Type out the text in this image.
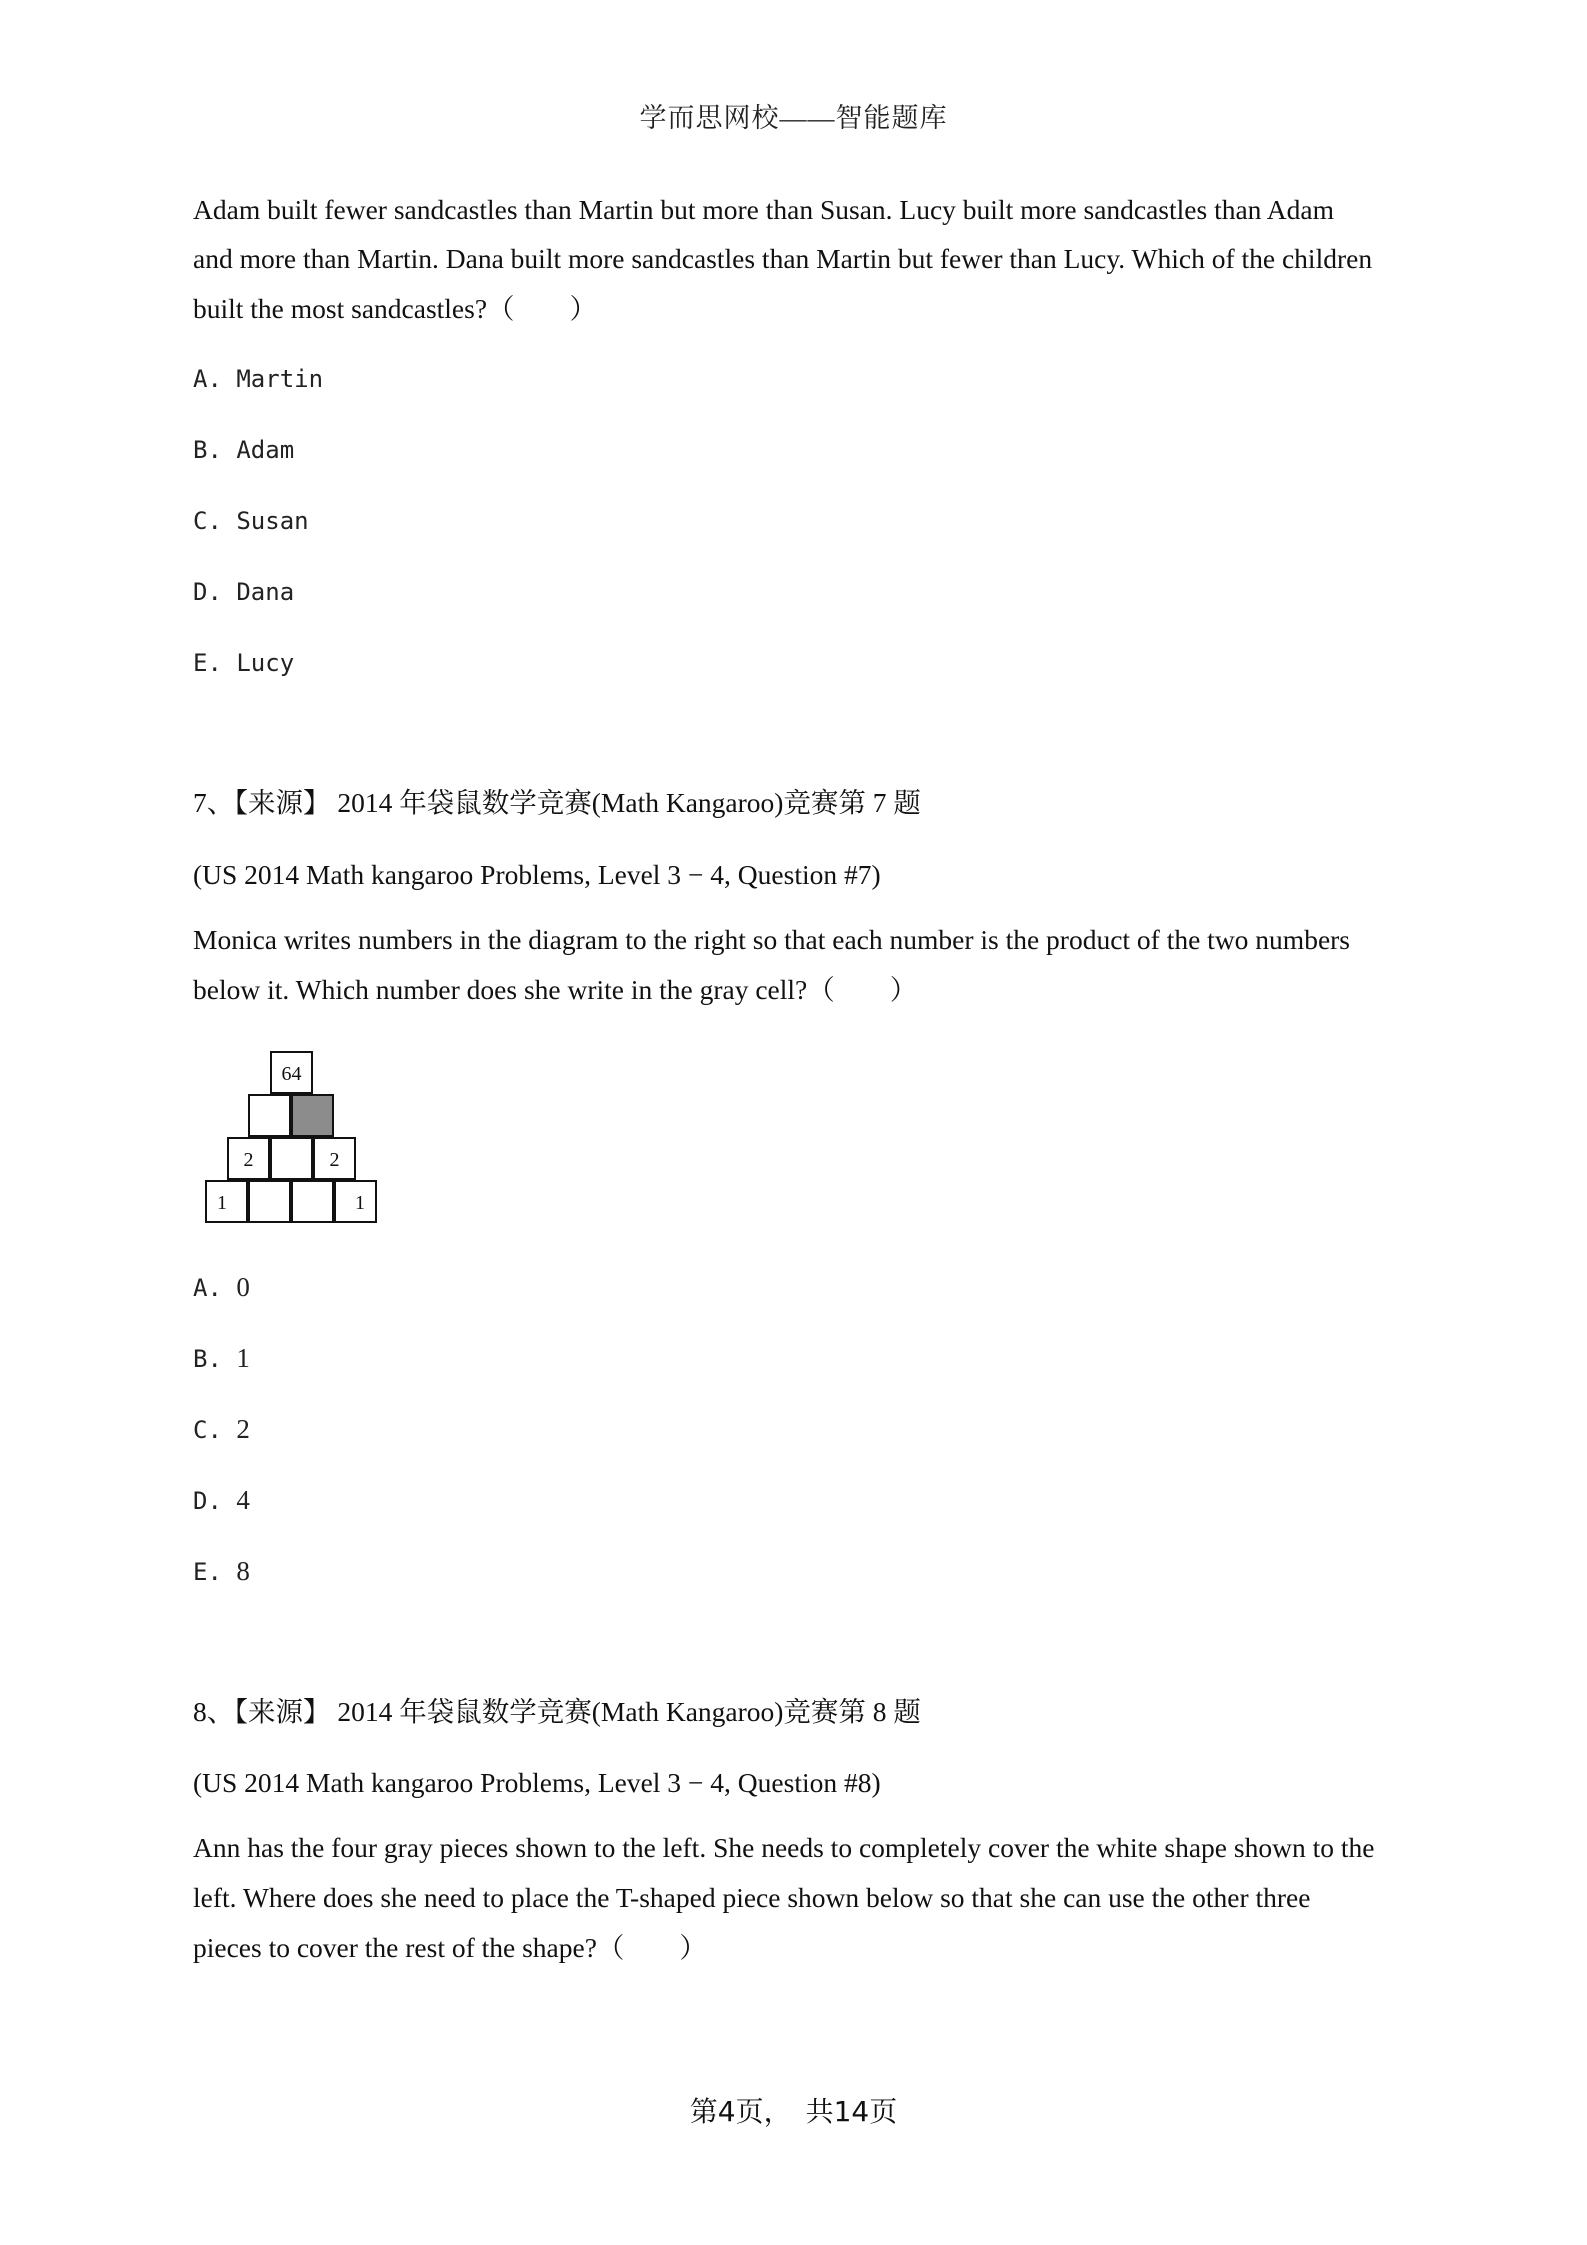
学而思网校——智能题库
Adam built fewer sandcastles than Martin but more than Susan. Lucy built more sandcastles than Adam
and more than Martin. Dana built more sandcastles than Martin but fewer than Lucy. Which of the children
built the most sandcastles?（　　）
A. Martin
B. Adam
C. Susan
D. Dana
E. Lucy
7、【来源】 2014 年袋鼠数学竞赛(Math Kangaroo)竞赛第 7 题
(US 2014 Math kangaroo Problems, Level 3 − 4, Question #7)
Monica writes numbers in the diagram to the right so that each number is the product of the two numbers
below it. Which number does she write in the gray cell?（　　）
64
2	2
1	1
A. 0
B. 1
C. 2
D. 4
E. 8
8、【来源】 2014 年袋鼠数学竞赛(Math Kangaroo)竞赛第 8 题
(US 2014 Math kangaroo Problems, Level 3 − 4, Question #8)
Ann has the four gray pieces shown to the left. She needs to completely cover the white shape shown to the
left. Where does she need to place the T-shaped piece shown below so that she can use the other three
pieces to cover the rest of the shape?（　　）
第4页，　共14页
